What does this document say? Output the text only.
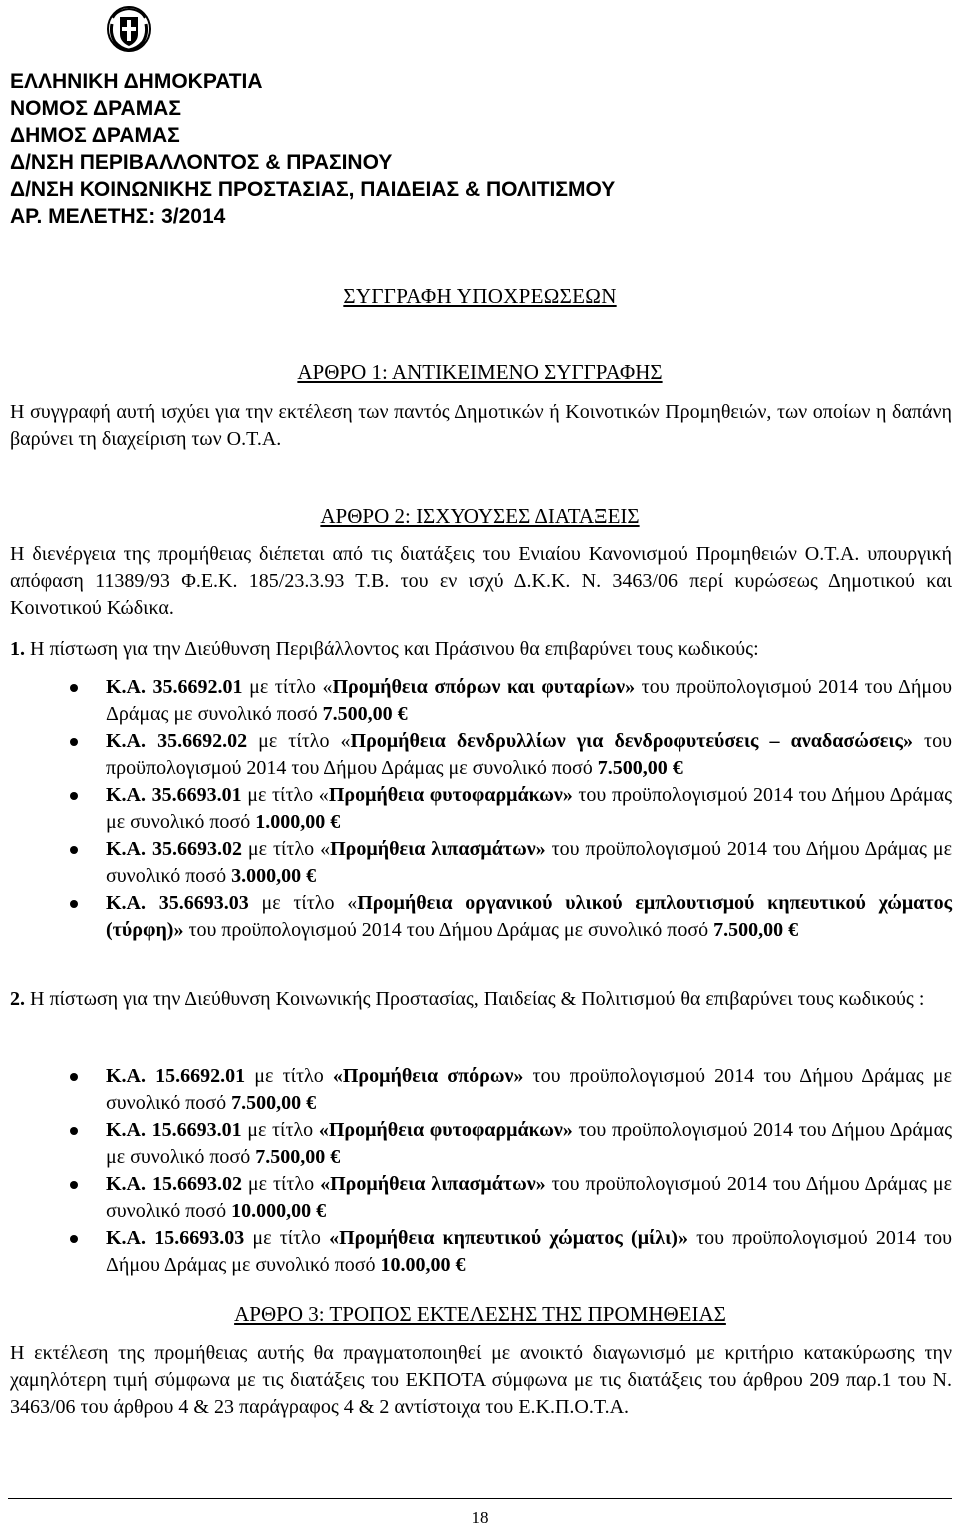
ΕΛΛΗΝΙΚΗ ΔΗΜΟΚΡΑΤΙΑ
ΝΟΜΟΣ ΔΡΑΜΑΣ
ΔΗΜΟΣ ΔΡΑΜΑΣ
Δ/ΝΣΗ ΠΕΡΙΒΑΛΛΟΝΤΟΣ & ΠΡΑΣΙΝΟΥ
Δ/ΝΣΗ ΚΟΙΝΩΝΙΚΗΣ ΠΡΟΣΤΑΣΙΑΣ, ΠΑΙΔΕΙΑΣ & ΠΟΛΙΤΙΣΜΟΥ
ΑΡ. ΜΕΛΕΤΗΣ: 3/2014
ΣΥΓΓΡΑΦΗ ΥΠΟΧΡΕΩΣΕΩΝ
ΑΡΘΡΟ 1: ΑΝΤΙΚΕΙΜΕΝΟ ΣΥΓΓΡΑΦΗΣ
Η συγγραφή αυτή ισχύει για την εκτέλεση των παντός Δημοτικών ή Κοινοτικών Προμηθειών, των οποίων η δαπάνη βαρύνει τη διαχείριση των Ο.Τ.Α.
ΑΡΘΡΟ 2: ΙΣΧΥΟΥΣΕΣ ΔΙΑΤΑΞΕΙΣ
Η διενέργεια της προμήθειας διέπεται από τις διατάξεις του Ενιαίου Κανονισμού Προμηθειών Ο.Τ.Α. υπουργική απόφαση 11389/93 Φ.Ε.Κ. 185/23.3.93 Τ.Β. του εν ισχύ Δ.Κ.Κ. Ν. 3463/06 περί κυρώσεως Δημοτικού και Κοινοτικού Κώδικα.
1. Η πίστωση για την Διεύθυνση Περιβάλλοντος και Πράσινου θα επιβαρύνει τους κωδικούς:
Κ.Α. 35.6692.01 με τίτλο «Προμήθεια σπόρων και φυταρίων» του προϋπολογισμού 2014 του Δήμου Δράμας με συνολικό ποσό 7.500,00 €
Κ.Α. 35.6692.02 με τίτλο «Προμήθεια δενδρυλλίων για δενδροφυτεύσεις – αναδασώσεις» του προϋπολογισμού 2014 του Δήμου Δράμας με συνολικό ποσό 7.500,00 €
Κ.Α. 35.6693.01 με τίτλο «Προμήθεια φυτοφαρμάκων» του προϋπολογισμού 2014 του Δήμου Δράμας με συνολικό ποσό 1.000,00 €
Κ.Α. 35.6693.02 με τίτλο «Προμήθεια λιπασμάτων» του προϋπολογισμού 2014 του Δήμου Δράμας με συνολικό ποσό 3.000,00 €
Κ.Α. 35.6693.03 με τίτλο «Προμήθεια οργανικού υλικού εμπλουτισμού κηπευτικού χώματος (τύρφη)» του προϋπολογισμού 2014 του Δήμου Δράμας με συνολικό ποσό 7.500,00 €
2. Η πίστωση για την Διεύθυνση Κοινωνικής Προστασίας, Παιδείας & Πολιτισμού θα επιβαρύνει τους κωδικούς :
Κ.Α. 15.6692.01 με τίτλο «Προμήθεια σπόρων» του προϋπολογισμού 2014 του Δήμου Δράμας με συνολικό ποσό 7.500,00 €
Κ.Α. 15.6693.01 με τίτλο «Προμήθεια φυτοφαρμάκων» του προϋπολογισμού 2014 του Δήμου Δράμας με συνολικό ποσό 7.500,00 €
Κ.Α. 15.6693.02 με τίτλο «Προμήθεια λιπασμάτων» του προϋπολογισμού 2014 του Δήμου Δράμας με συνολικό ποσό 10.000,00 €
Κ.Α. 15.6693.03 με τίτλο «Προμήθεια κηπευτικού χώματος (μίλι)» του προϋπολογισμού 2014 του Δήμου Δράμας με συνολικό ποσό 10.00,00 €
ΑΡΘΡΟ 3: ΤΡΟΠΟΣ ΕΚΤΕΛΕΣΗΣ ΤΗΣ ΠΡΟΜΗΘΕΙΑΣ
Η εκτέλεση της προμήθειας αυτής θα πραγματοποιηθεί με ανοικτό διαγωνισμό με κριτήριο κατακύρωσης την χαμηλότερη τιμή σύμφωνα με τις διατάξεις του ΕΚΠΟΤΑ σύμφωνα με τις διατάξεις του άρθρου 209 παρ.1 του Ν. 3463/06 του άρθρου 4 & 23 παράγραφος 4 & 2 αντίστοιχα του Ε.Κ.Π.Ο.Τ.Α.
18
